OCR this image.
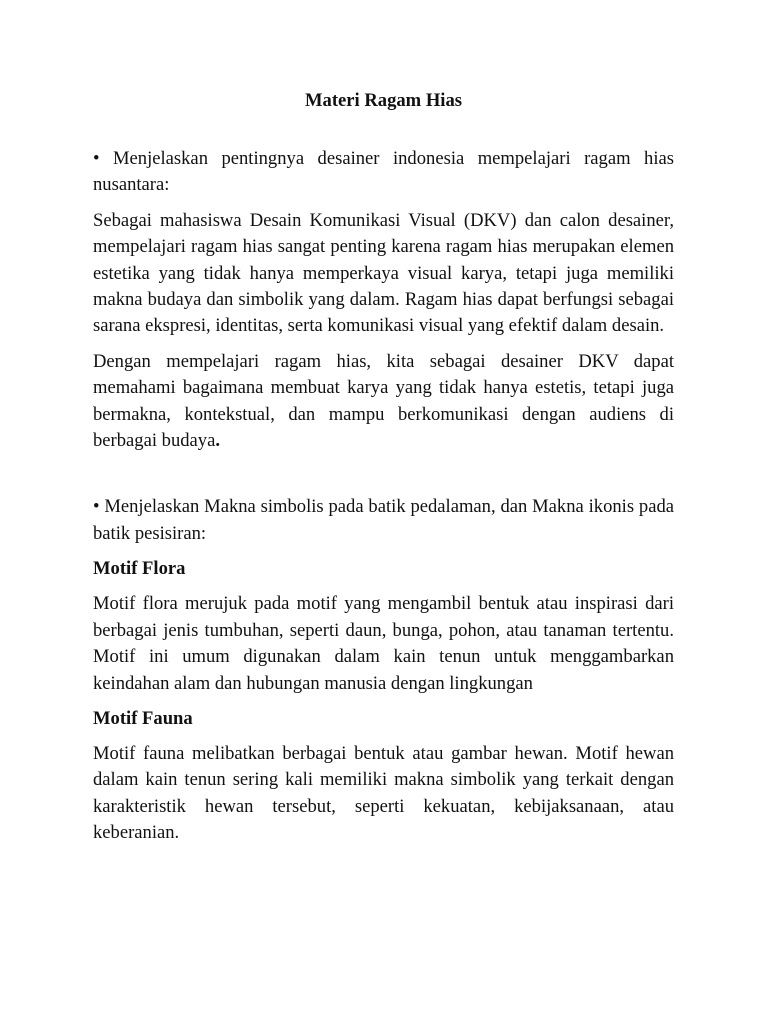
Materi Ragam Hias

• Menjelaskan pentingnya desainer indonesia mempelajari ragam hias nusantara:

Sebagai mahasiswa Desain Komunikasi Visual (DKV) dan calon desainer, mempelajari ragam hias sangat penting karena ragam hias merupakan elemen estetika yang tidak hanya memperkaya visual karya, tetapi juga memiliki makna budaya dan simbolik yang dalam. Ragam hias dapat berfungsi sebagai sarana ekspresi, identitas, serta komunikasi visual yang efektif dalam desain.

Dengan mempelajari ragam hias, kita sebagai desainer DKV dapat memahami bagaimana membuat karya yang tidak hanya estetis, tetapi juga bermakna, kontekstual, dan mampu berkomunikasi dengan audiens di berbagai budaya.

• Menjelaskan Makna simbolis pada batik pedalaman, dan Makna ikonis pada batik pesisiran:

Motif Flora

Motif flora merujuk pada motif yang mengambil bentuk atau inspirasi dari berbagai jenis tumbuhan, seperti daun, bunga, pohon, atau tanaman tertentu. Motif ini umum digunakan dalam kain tenun untuk menggambarkan keindahan alam dan hubungan manusia dengan lingkungan

Motif Fauna

Motif fauna melibatkan berbagai bentuk atau gambar hewan. Motif hewan dalam kain tenun sering kali memiliki makna simbolik yang terkait dengan karakteristik hewan tersebut, seperti kekuatan, kebijaksanaan, atau keberanian.
